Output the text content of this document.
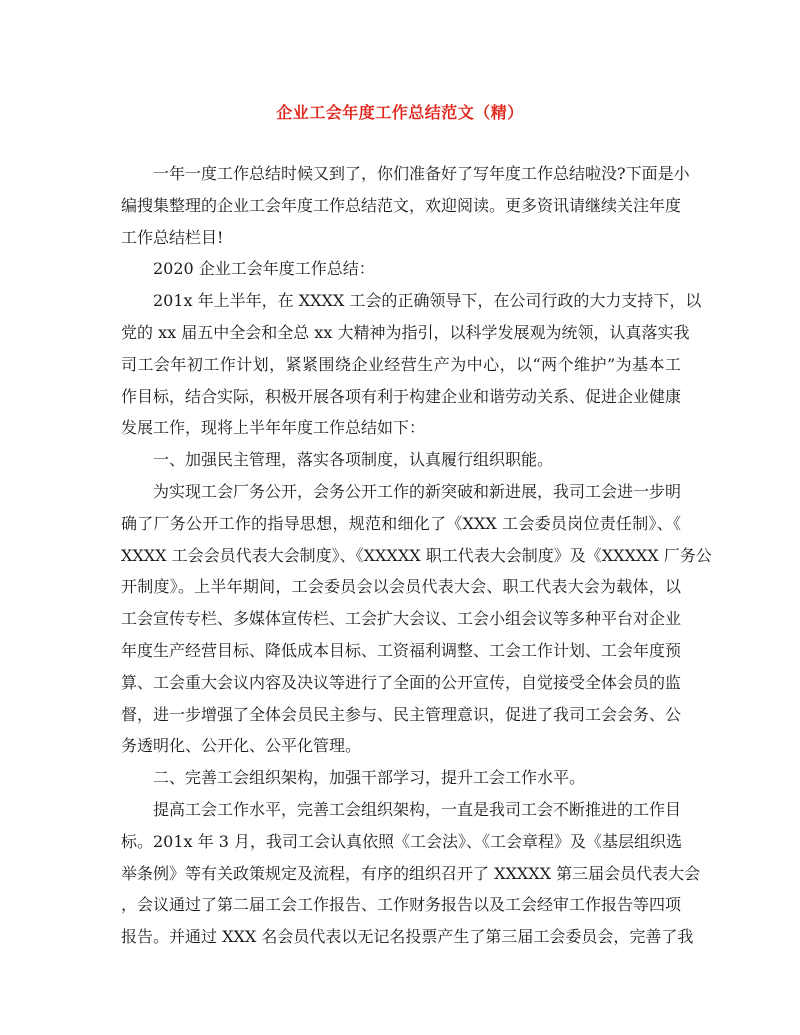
企业工会年度工作总结范文（精）
一年一度工作总结时候又到了，你们准备好了写年度工作总结啦没?下面是小
编搜集整理的企业工会年度工作总结范文，欢迎阅读。更多资讯请继续关注年度
工作总结栏目!
2020 企业工会年度工作总结：
201x 年上半年，在 XXXX 工会的正确领导下，在公司行政的大力支持下，以
党的 xx 届五中全会和全总 xx 大精神为指引，以科学发展观为统领，认真落实我
司工会年初工作计划，紧紧围绕企业经营生产为中心，以“两个维护”为基本工
作目标，结合实际，积极开展各项有利于构建企业和谐劳动关系、促进企业健康
发展工作，现将上半年年度工作总结如下：
一、加强民主管理，落实各项制度，认真履行组织职能。
为实现工会厂务公开，会务公开工作的新突破和新进展，我司工会进一步明
确了厂务公开工作的指导思想，规范和细化了《XXX 工会委员岗位责任制》、《
XXXX 工会会员代表大会制度》、《XXXXX 职工代表大会制度》及《XXXXX 厂务公
开制度》。上半年期间，工会委员会以会员代表大会、职工代表大会为载体，以
工会宣传专栏、多媒体宣传栏、工会扩大会议、工会小组会议等多种平台对企业
年度生产经营目标、降低成本目标、工资福利调整、工会工作计划、工会年度预
算、工会重大会议内容及决议等进行了全面的公开宣传，自觉接受全体会员的监
督，进一步增强了全体会员民主参与、民主管理意识，促进了我司工会会务、公
务透明化、公开化、公平化管理。
二、完善工会组织架构，加强干部学习，提升工会工作水平。
提高工会工作水平，完善工会组织架构，一直是我司工会不断推进的工作目
标。201x 年 3 月，我司工会认真依照《工会法》、《工会章程》及《基层组织选
举条例》等有关政策规定及流程，有序的组织召开了 XXXXX 第三届会员代表大会
，会议通过了第二届工会工作报告、工作财务报告以及工会经审工作报告等四项
报告。并通过 XXX 名会员代表以无记名投票产生了第三届工会委员会，完善了我
